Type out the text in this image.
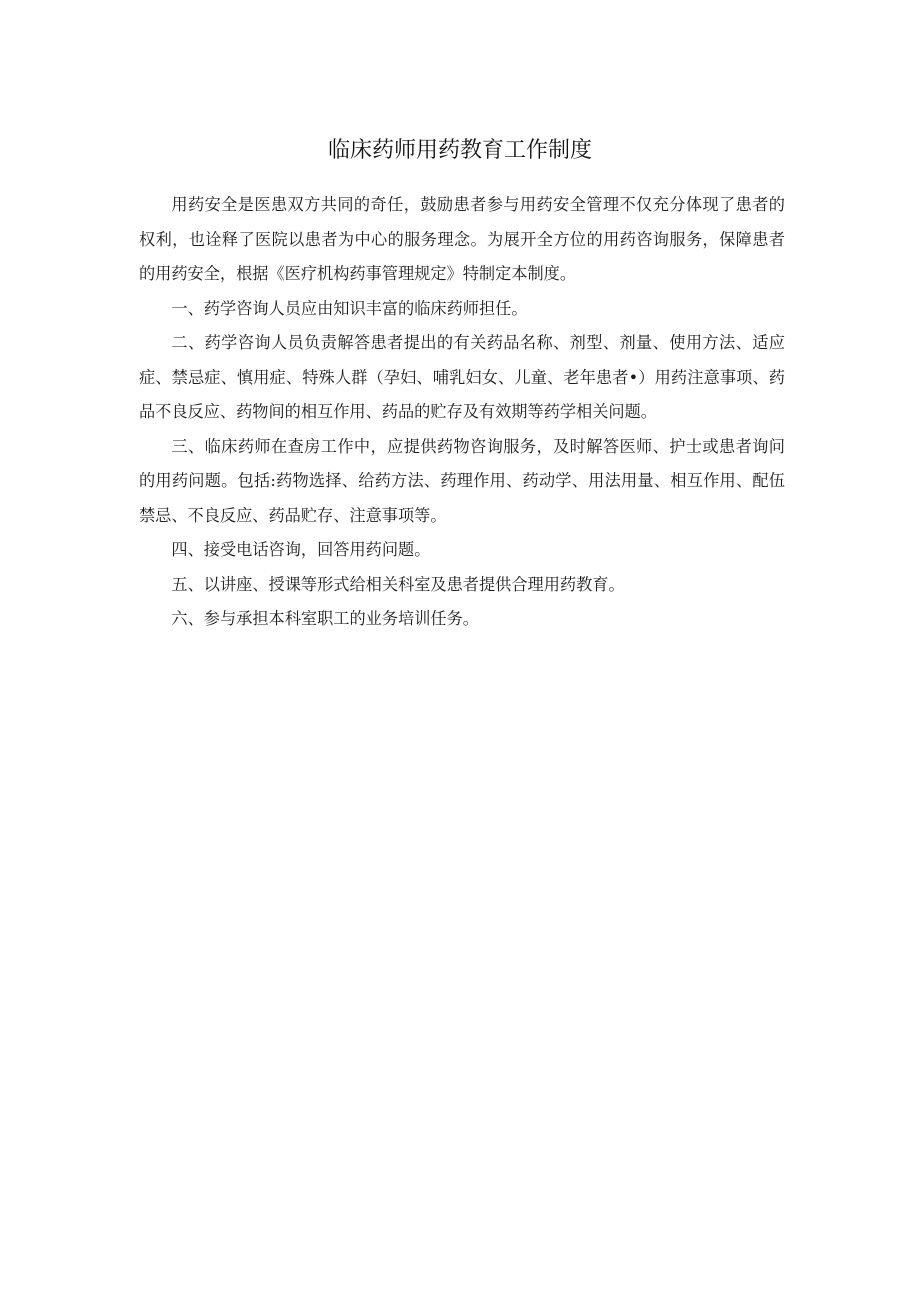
临床药师用药教育工作制度

用药安全是医患双方共同的奇任，鼓励患者参与用药安全管理不仅充分体现了患者的权利，也诠释了医院以患者为中心的服务理念。为展开全方位的用药咨询服务，保障患者的用药安全，根据《医疗机构药事管理规定》特制定本制度。

一、药学咨询人员应由知识丰富的临床药师担任。

二、药学咨询人员负责解答患者提出的有关药品名称、剂型、剂量、使用方法、适应症、禁忌症、慎用症、特殊人群（孕妇、哺乳妇女、儿童、老年患者•）用药注意事项、药品不良反应、药物间的相互作用、药品的贮存及有效期等药学相关问题。

三、临床药师在查房工作中，应提供药物咨询服务，及时解答医师、护士或患者询问的用药问题。包括:药物选择、给药方法、药理作用、药动学、用法用量、相互作用、配伍禁忌、不良反应、药品贮存、注意事项等。

四、接受电话咨询，回答用药问题。

五、以讲座、授课等形式给相关科室及患者提供合理用药教育。

六、参与承担本科室职工的业务培训任务。
